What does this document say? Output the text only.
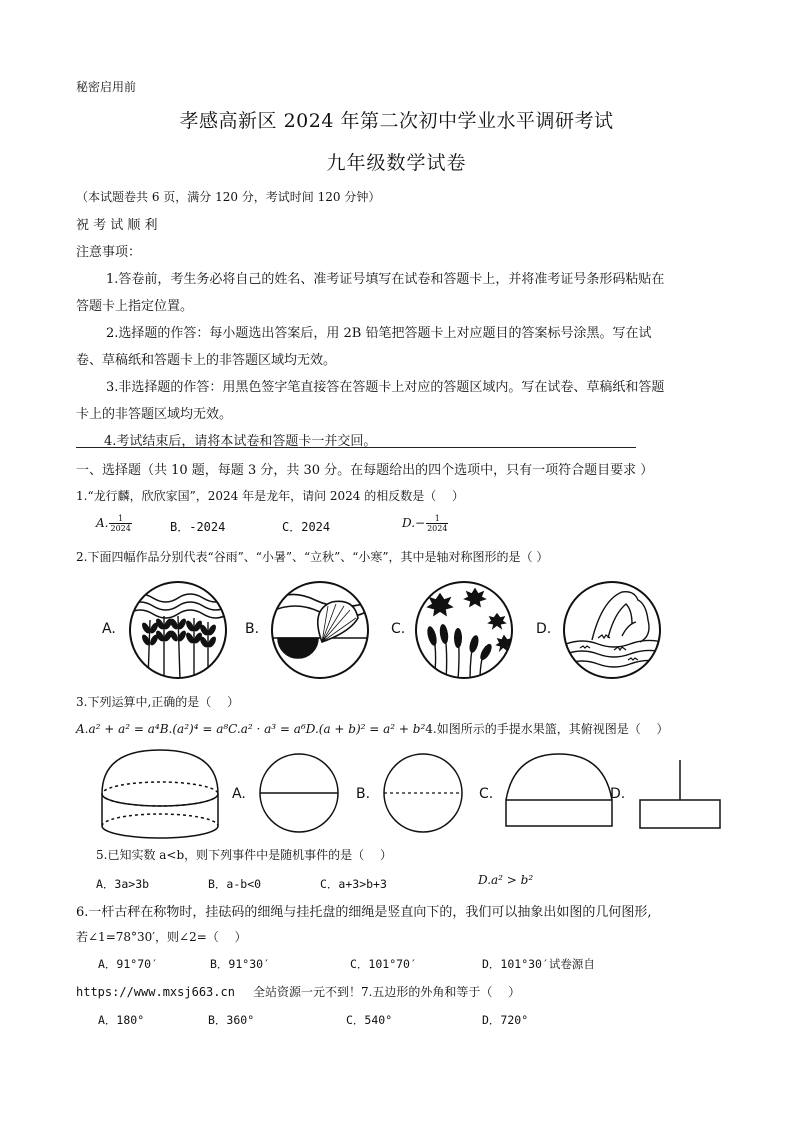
秘密启用前
孝感高新区 2024 年第二次初中学业水平调研考试
九年级数学试卷
（本试题卷共 6 页，满分 120 分，考试时间 120 分钟）
祝 考 试 顺 利
注意事项：
1.答卷前，考生务必将自己的姓名、准考证号填写在试卷和答题卡上，并将准考证号条形码粘贴在
答题卡上指定位置。
2.选择题的作答：每小题选出答案后，用 2B 铅笔把答题卡上对应题目的答案标号涂黑。写在试
卷、草稿纸和答题卡上的非答题区域均无效。
3.非选择题的作答：用黑色签字笔直接答在答题卡上对应的答题区域内。写在试卷、草稿纸和答题
卡上的非答题区域均无效。
4.考试结束后，请将本试卷和答题卡一并交回。
一、选择题（共 10 题，每题 3 分，共 30 分。在每题给出的四个选项中，只有一项符合题目要求 ）
1.“龙行麟，欣欣家国”，2024 年是龙年，请问 2024 的相反数是（　 ）
A. $\frac{1}{2024}$	B．-2024	C．2024	$D.- \frac{1}{2024}$
2.下面四幅作品分别代表“谷雨”、“小暑”、“立秋”、“小寒”，其中是轴对称图形的是（ ）
A.	B.	C.	D.
3.下列运算中,正确的是（　 ）
A.a² + a² = a⁴B.(a²)⁴ = a⁸C.a² · a³ = a⁶D.(a + b)² = a² + b²4.如图所示的手提水果篮，其俯视图是（　 ）
A.	B.	C.	D.
5.已知实数 a<b，则下列事件中是随机事件的是（　 ）
A．3a>3b	B．a-b<0	C．a+3>b+3	D.a² > b²
6.一杆古秤在称物时，挂砝码的细绳与挂托盘的细绳是竖直向下的，我们可以抽象出如图的几何图形,
若∠1=78°30′，则∠2=（　 ）
A．91°70′	B．91°30′	C．101°70′	D．101°30′试卷源自
https://www.mxsj663.cn 全站资源一元不到！7.五边形的外角和等于（　 ）
A．180°	B．360°	C．540°	D．720°
